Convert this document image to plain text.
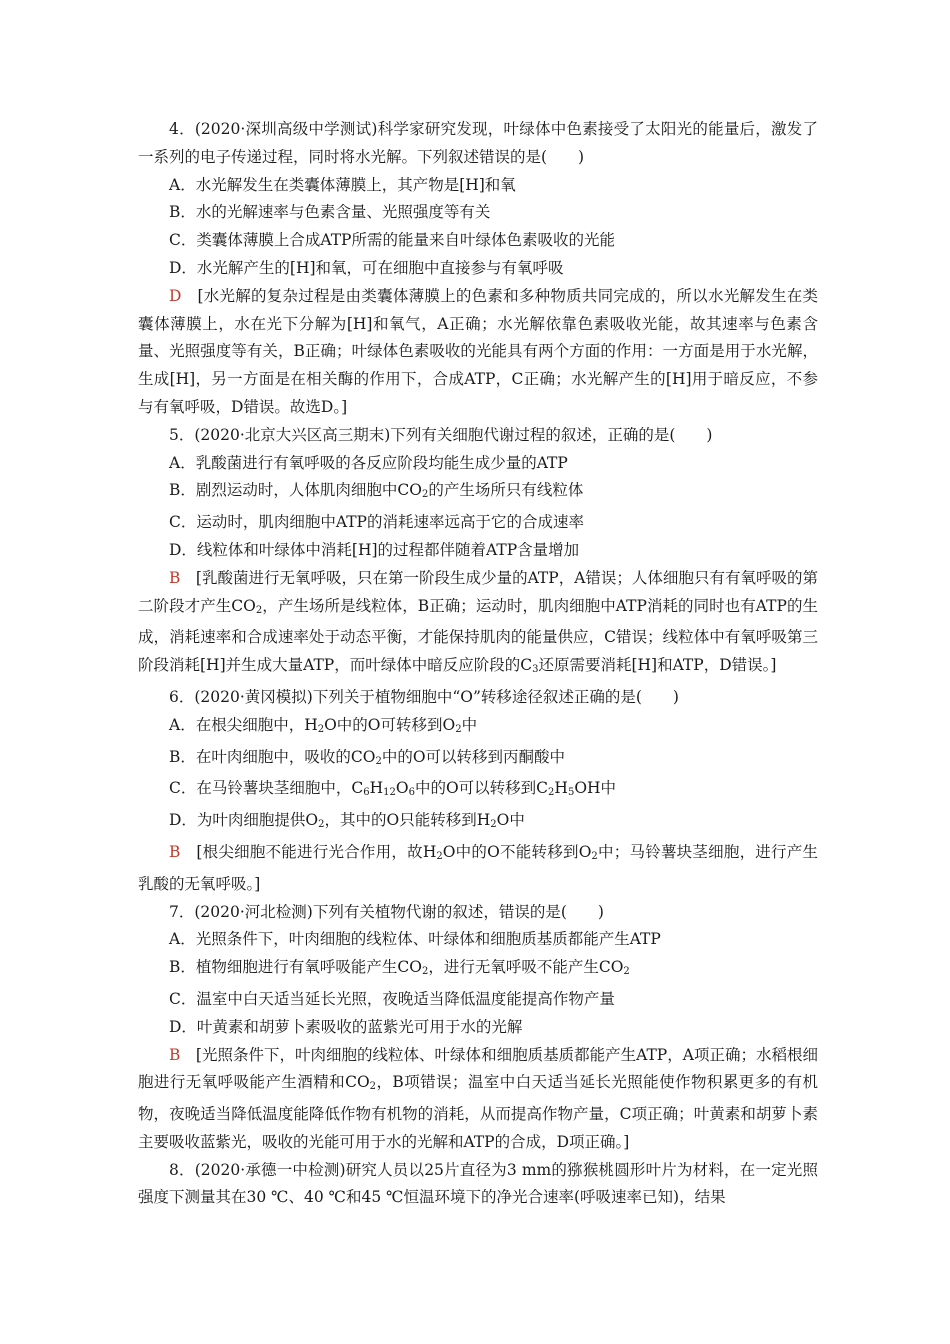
4．(2020·深圳高级中学测试)科学家研究发现，叶绿体中色素接受了太阳光的能量后，激发了一系列的电子传递过程，同时将水光解。下列叙述错误的是(　　)

A．水光解发生在类囊体薄膜上，其产物是[H]和氧

B．水的光解速率与色素含量、光照强度等有关

C．类囊体薄膜上合成ATP所需的能量来自叶绿体色素吸收的光能

D．水光解产生的[H]和氧，可在细胞中直接参与有氧呼吸

D　 [水光解的复杂过程是由类囊体薄膜上的色素和多种物质共同完成的，所以水光解发生在类囊体薄膜上，水在光下分解为[H]和氧气，A正确；水光解依靠色素吸收光能，故其速率与色素含量、光照强度等有关，B正确；叶绿体色素吸收的光能具有两个方面的作用：一方面是用于水光解，生成[H]，另一方面是在相关酶的作用下，合成ATP，C正确；水光解产生的[H]用于暗反应，不参与有氧呼吸，D错误。故选D。]

5．(2020·北京大兴区高三期末)下列有关细胞代谢过程的叙述，正确的是(　　)

A．乳酸菌进行有氧呼吸的各反应阶段均能生成少量的ATP

B．剧烈运动时，人体肌肉细胞中$CO_2$的产生场所只有线粒体

C．运动时，肌肉细胞中ATP的消耗速率远高于它的合成速率

D．线粒体和叶绿体中消耗[H]的过程都伴随着ATP含量增加

B　 [乳酸菌进行无氧呼吸，只在第一阶段生成少量的ATP，A错误；人体细胞只有有氧呼吸的第二阶段才产生$CO_2$，产生场所是线粒体，B正确；运动时，肌肉细胞中ATP消耗的同时也有ATP的生成，消耗速率和合成速率处于动态平衡，才能保持肌肉的能量供应，C错误；线粒体中有氧呼吸第三阶段消耗[H]并生成大量ATP，而叶绿体中暗反应阶段的$C_3$还原需要消耗[H]和ATP，D错误。]

6．(2020·黄冈模拟)下列关于植物细胞中“O”转移途径叙述正确的是(　　)

A．在根尖细胞中，$H_2O$中的O可转移到$O_2$中

B．在叶肉细胞中，吸收的$CO_2$中的O可以转移到丙酮酸中

C．在马铃薯块茎细胞中，$C_6H_{12}O_6$中的O可以转移到$C_2H_5OH$中

D．为叶肉细胞提供$O_2$，其中的O只能转移到$H_2O$中

B　 [根尖细胞不能进行光合作用，故$H_2O$中的O不能转移到$O_2$中；马铃薯块茎细胞，进行产生乳酸的无氧呼吸。]

7．(2020·河北检测)下列有关植物代谢的叙述，错误的是(　　)

A．光照条件下，叶肉细胞的线粒体、叶绿体和细胞质基质都能产生ATP

B．植物细胞进行有氧呼吸能产生$CO_2$，进行无氧呼吸不能产生$CO_2$

C．温室中白天适当延长光照，夜晚适当降低温度能提高作物产量

D．叶黄素和胡萝卜素吸收的蓝紫光可用于水的光解

B　 [光照条件下，叶肉细胞的线粒体、叶绿体和细胞质基质都能产生ATP，A项正确；水稻根细胞进行无氧呼吸能产生酒精和$CO_2$，B项错误；温室中白天适当延长光照能使作物积累更多的有机物，夜晚适当降低温度能降低作物有机物的消耗，从而提高作物产量，C项正确；叶黄素和胡萝卜素主要吸收蓝紫光，吸收的光能可用于水的光解和ATP的合成，D项正确。]

8．(2020·承德一中检测)研究人员以25片直径为3 mm的猕猴桃圆形叶片为材料，在一定光照强度下测量其在30 ℃、40 ℃和45 ℃恒温环境下的净光合速率(呼吸速率已知)，结果
